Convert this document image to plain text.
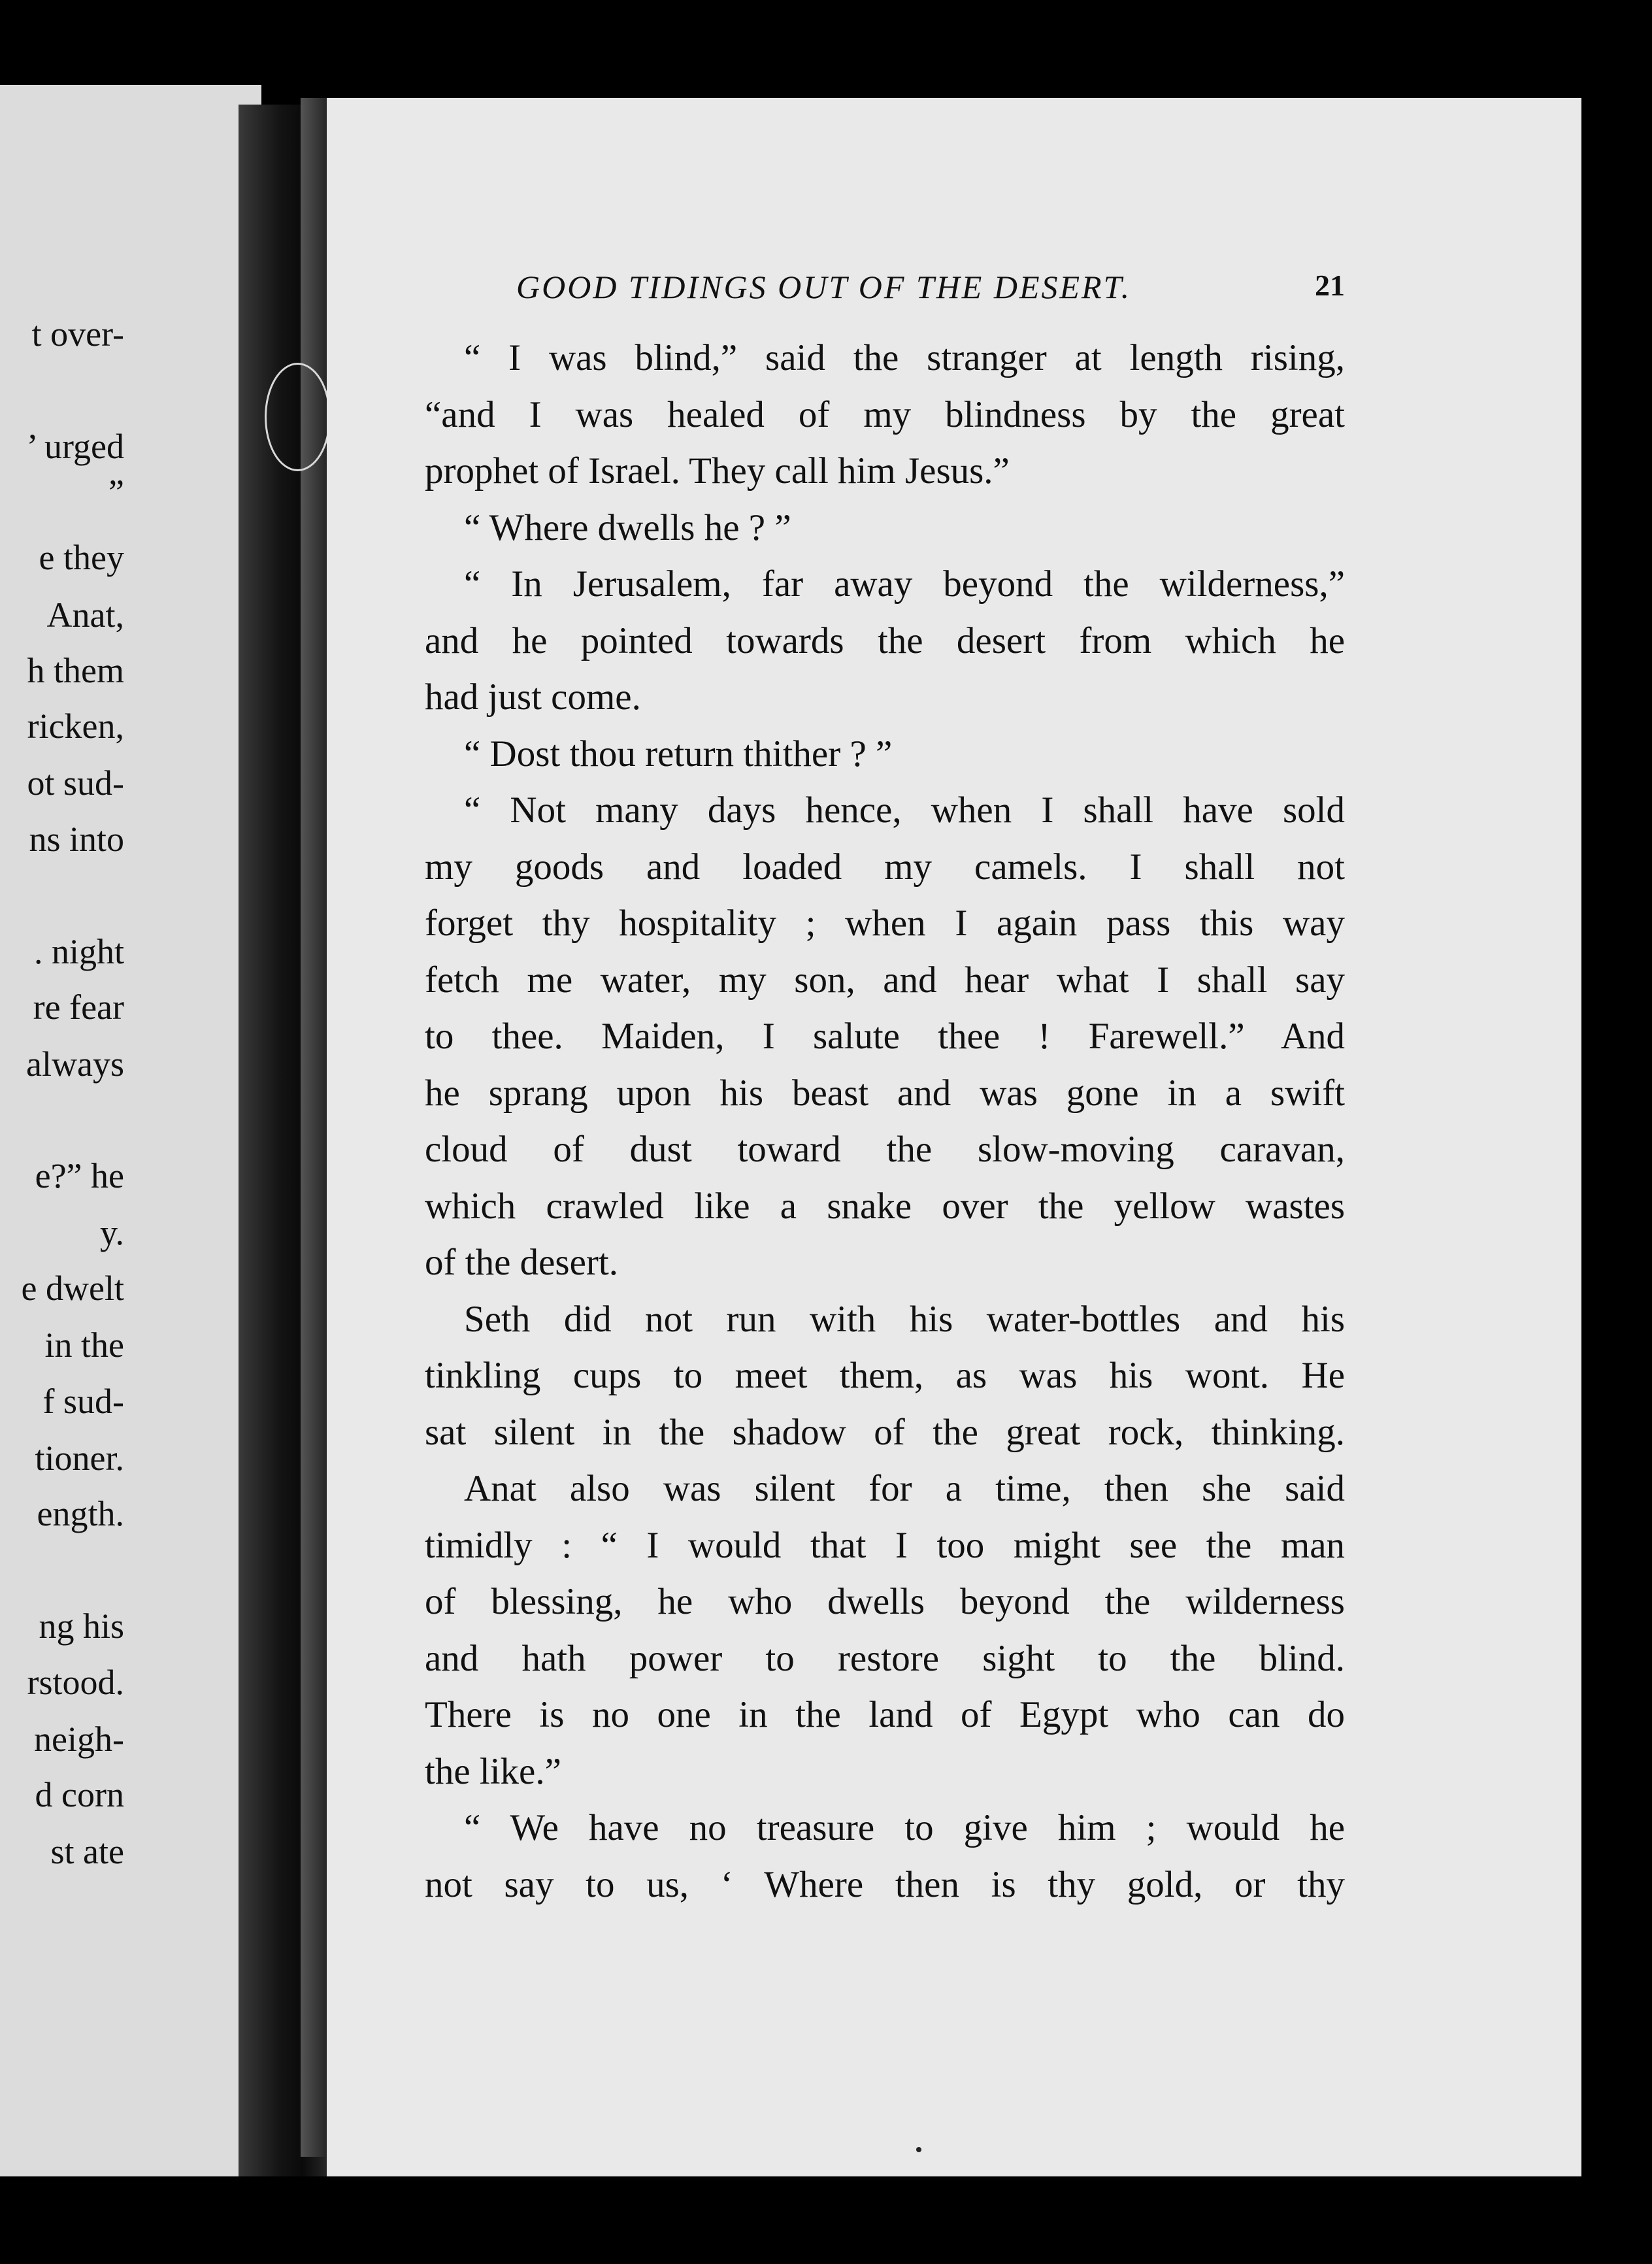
t over-
’ urged
”
e they
Anat,
h them
ricken,
ot sud-
ns into
. night
re fear
always
e?” he
y.
e dwelt
in the
f sud-
tioner.
ength.
ng his
rstood.
neigh-
d corn
st ate
GOOD TIDINGS OUT OF THE DESERT.	21
“ I was blind,” said the stranger at length rising,
“and I was healed of my blindness by the great
prophet of Israel. They call him Jesus.”
“ Where dwells he ? ”
“ In Jerusalem, far away beyond the wilderness,”
and he pointed towards the desert from which he
had just come.
“ Dost thou return thither ? ”
“ Not many days hence, when I shall have sold
my goods and loaded my camels. I shall not
forget thy hospitality ; when I again pass this way
fetch me water, my son, and hear what I shall say
to thee. Maiden, I salute thee ! Farewell.” And
he sprang upon his beast and was gone in a swift
cloud of dust toward the slow-moving caravan,
which crawled like a snake over the yellow wastes
of the desert.
Seth did not run with his water-bottles and his
tinkling cups to meet them, as was his wont. He
sat silent in the shadow of the great rock, thinking.
Anat also was silent for a time, then she said
timidly : “ I would that I too might see the man
of blessing, he who dwells beyond the wilderness
and hath power to restore sight to the blind.
There is no one in the land of Egypt who can do
the like.”
“ We have no treasure to give him ; would he
not say to us, ‘ Where then is thy gold, or thy
